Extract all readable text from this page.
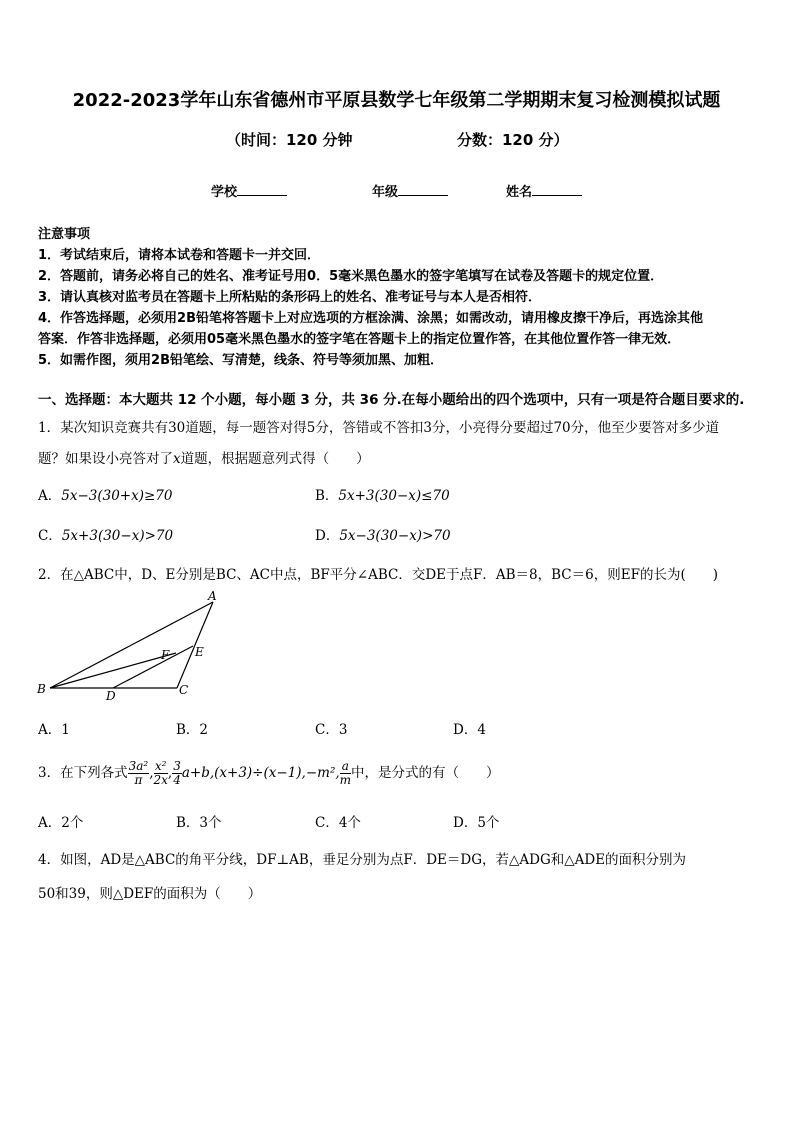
2022-2023学年山东省德州市平原县数学七年级第二学期期末复习检测模拟试题
（时间：120 分钟	分数：120 分）
学校	年级	姓名
注意事项
1．考试结束后，请将本试卷和答题卡一并交回．
2．答题前，请务必将自己的姓名、准考证号用0．5毫米黑色墨水的签字笔填写在试卷及答题卡的规定位置．
3．请认真核对监考员在答题卡上所粘贴的条形码上的姓名、准考证号与本人是否相符．
4．作答选择题，必须用2B铅笔将答题卡上对应选项的方框涂满、涂黑；如需改动，请用橡皮擦干净后，再选涂其他
答案．作答非选择题，必须用05毫米黑色墨水的签字笔在答题卡上的指定位置作答，在其他位置作答一律无效．
5．如需作图，须用2B铅笔绘、写清楚，线条、符号等须加黑、加粗．
一、选择题：本大题共 12 个小题，每小题 3 分，共 36 分.在每小题给出的四个选项中，只有一项是符合题目要求的.
1．某次知识竞赛共有30道题，每一题答对得5分，答错或不答扣3分，小亮得分要超过70分，他至少要答对多少道
题？如果设小亮答对了x道题，根据题意列式得（　　）
A．5x−3(30+x)≥70	B．5x+3(30−x)≤70
C．5x+3(30−x)>70	D．5x−3(30−x)>70
2．在△ABC中，D、E分别是BC、AC中点，BF平分∠ABC．交DE于点F．AB＝8，BC＝6，则EF的长为(　　)
A
B	C
D
E
F
A．1	B．2	C．3	D．4
3．在下列各式 $\frac{\text{3a²}}{\pi}$ , $\frac{\text{x²}}{2x}$ , $\frac{3}{4} a+b,(x+3)\div(x-1),-m^2$, $\frac{a}{m}$ 中，是分式的有（　　）
A．2个	B．3个	C．4个	D．5个
4．如图，AD是△ABC的角平分线，DF⊥AB，垂足分别为点F．DE＝DG，若△ADG和△ADE的面积分别为
50和39，则△DEF的面积为（　　）
